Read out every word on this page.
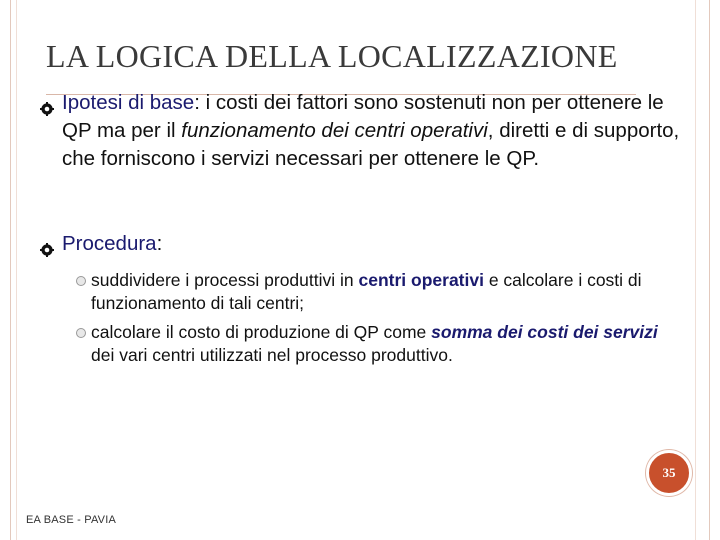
LA LOGICA DELLA LOCALIZZAZIONE
Ipotesi di base: i costi dei fattori sono sostenuti non per ottenere le QP ma per il funzionamento dei centri operativi, diretti e di supporto, che forniscono i servizi necessari per ottenere le QP.
Procedura:
suddividere i processi produttivi in centri operativi e calcolare i costi di funzionamento di tali centri;
calcolare il costo di produzione di QP come somma dei costi dei servizi dei vari centri utilizzati nel processo produttivo.
35
EA BASE - PAVIA
